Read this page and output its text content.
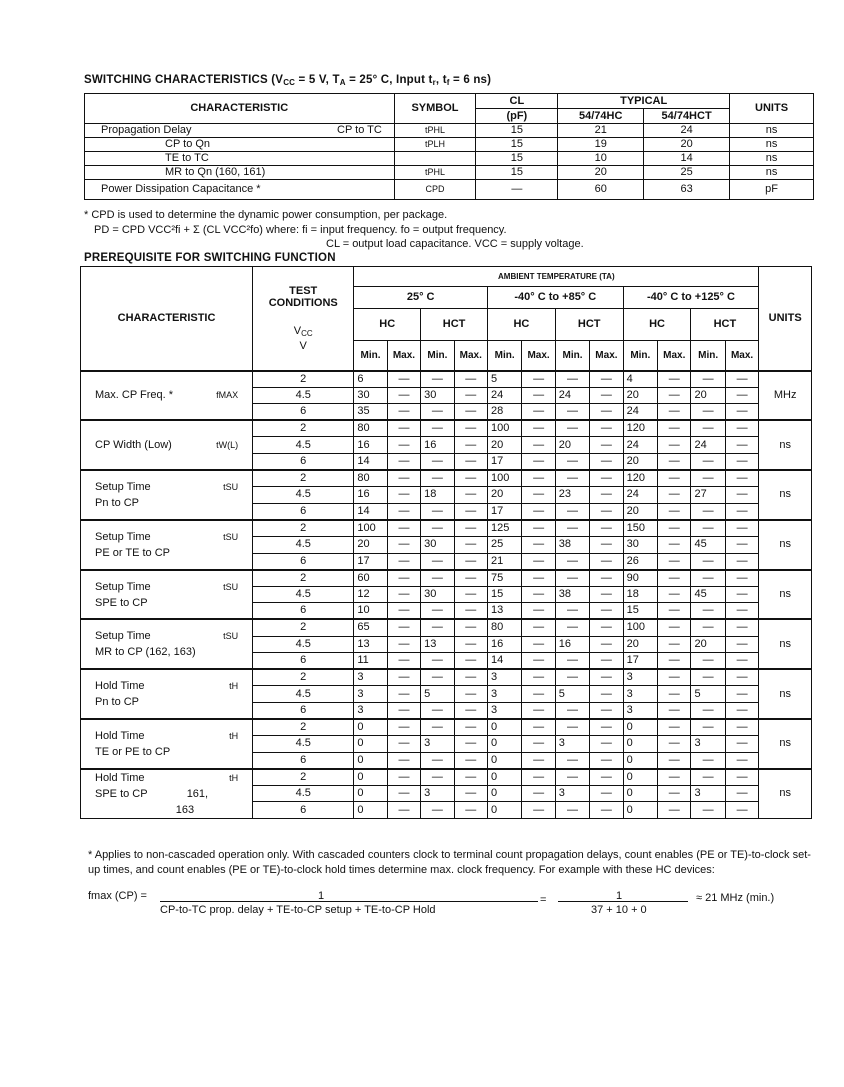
SWITCHING CHARACTERISTICS ($V_{CC} = 5$ V, $T_A = 25^\circ$ C, Input $t_r$, $t_f = 6$ ns)
CHARACTERISTIC	SYMBOL	CL	TYPICAL		UNITS
		(pF)	54/74HC	54/74HCT	
Propagation Delay CP to TC	tPHL	15	21	24	ns
CP to Qn	tPLH	15	19	20	ns
TE to TC		15	10	14	ns
MR to Qn (160, 161)	tPHL	15	20	25	ns
Power Dissipation Capacitance *	CPD	—	60	63	pF
* CPD is used to determine the dynamic power consumption, per package.
PD = CPD VCC²fi + Σ (CL VCC²fo) where: fi = input frequency. fo = output frequency.
CL = output load capacitance. VCC = supply voltage.
PREREQUISITE FOR SWITCHING FUNCTION
CHARACTERISTIC	TEST
CONDITIONS
$V_{CC}$
V	AMBIENT TEMPERATURE (TA)												UNITS
		25° C				-40° C to +85° C				-40° C to +125° C				
		HC		HCT		HC		HCT		HC		HCT		
		Min.	Max.	Min.	Max.	Min.	Max.	Min.	Max.	Min.	Max.	Min.	Max.	

Max. CP Freq. * fMAX	2	6	—	—	—	5	—	—	—	4	—	—	—	MHz
	4.5	30	—	30	—	24	—	24	—	20	—	20	—	
	6	35	—	—	—	28	—	—	—	24	—	—	—	

CP Width (Low) tW(L)	2	80	—	—	—	100	—	—	—	120	—	—	—	ns
	4.5	16	—	16	—	20	—	20	—	24	—	24	—	
	6	14	—	—	—	17	—	—	—	20	—	—	—	

Setup Time tSU
Pn to CP	2	80	—	—	—	100	—	—	—	120	—	—	—	ns
	4.5	16	—	18	—	20	—	23	—	24	—	27	—	
	6	14	—	—	—	17	—	—	—	20	—	—	—	

Setup Time tSU
PE or TE to CP	2	100	—	—	—	125	—	—	—	150	—	—	—	ns
	4.5	20	—	30	—	25	—	38	—	30	—	45	—	
	6	17	—	—	—	21	—	—	—	26	—	—	—	

Setup Time tSU
SPE to CP	2	60	—	—	—	75	—	—	—	90	—	—	—	ns
	4.5	12	—	30	—	15	—	38	—	18	—	45	—	
	6	10	—	—	—	13	—	—	—	15	—	—	—	

Setup Time tSU
MR to CP (162, 163)	2	65	—	—	—	80	—	—	—	100	—	—	—	ns
	4.5	13	—	13	—	16	—	16	—	20	—	20	—	
	6	11	—	—	—	14	—	—	—	17	—	—	—	

Hold Time tH
Pn to CP	2	3	—	—	—	3	—	—	—	3	—	—	—	ns
	4.5	3	—	5	—	3	—	5	—	3	—	5	—	
	6	3	—	—	—	3	—	—	—	3	—	—	—	

Hold Time tH
TE or PE to CP	2	0	—	—	—	0	—	—	—	0	—	—	—	ns
	4.5	0	—	3	—	0	—	3	—	0	—	3	—	
	6	0	—	—	—	0	—	—	—	0	—	—	—	

Hold Time tH
SPE to CP 161,
163	2	0	—	—	—	0	—	—	—	0	—	—	—	ns
	4.5	0	—	3	—	0	—	3	—	0	—	3	—	
	6	0	—	—	—	0	—	—	—	0	—	—	—	
* Applies to non-cascaded operation only. With cascaded counters clock to terminal count propagation delays, count enables (PE or TE)-to-clock set-up times, and count enables (PE or TE)-to-clock hold times determine max. clock frequency. For example with these HC devices:
fmax (CP) =	1
CP-to-TC prop. delay + TE-to-CP setup + TE-to-CP Hold
=	1
37 + 10 + 0
≈ 21 MHz (min.)
